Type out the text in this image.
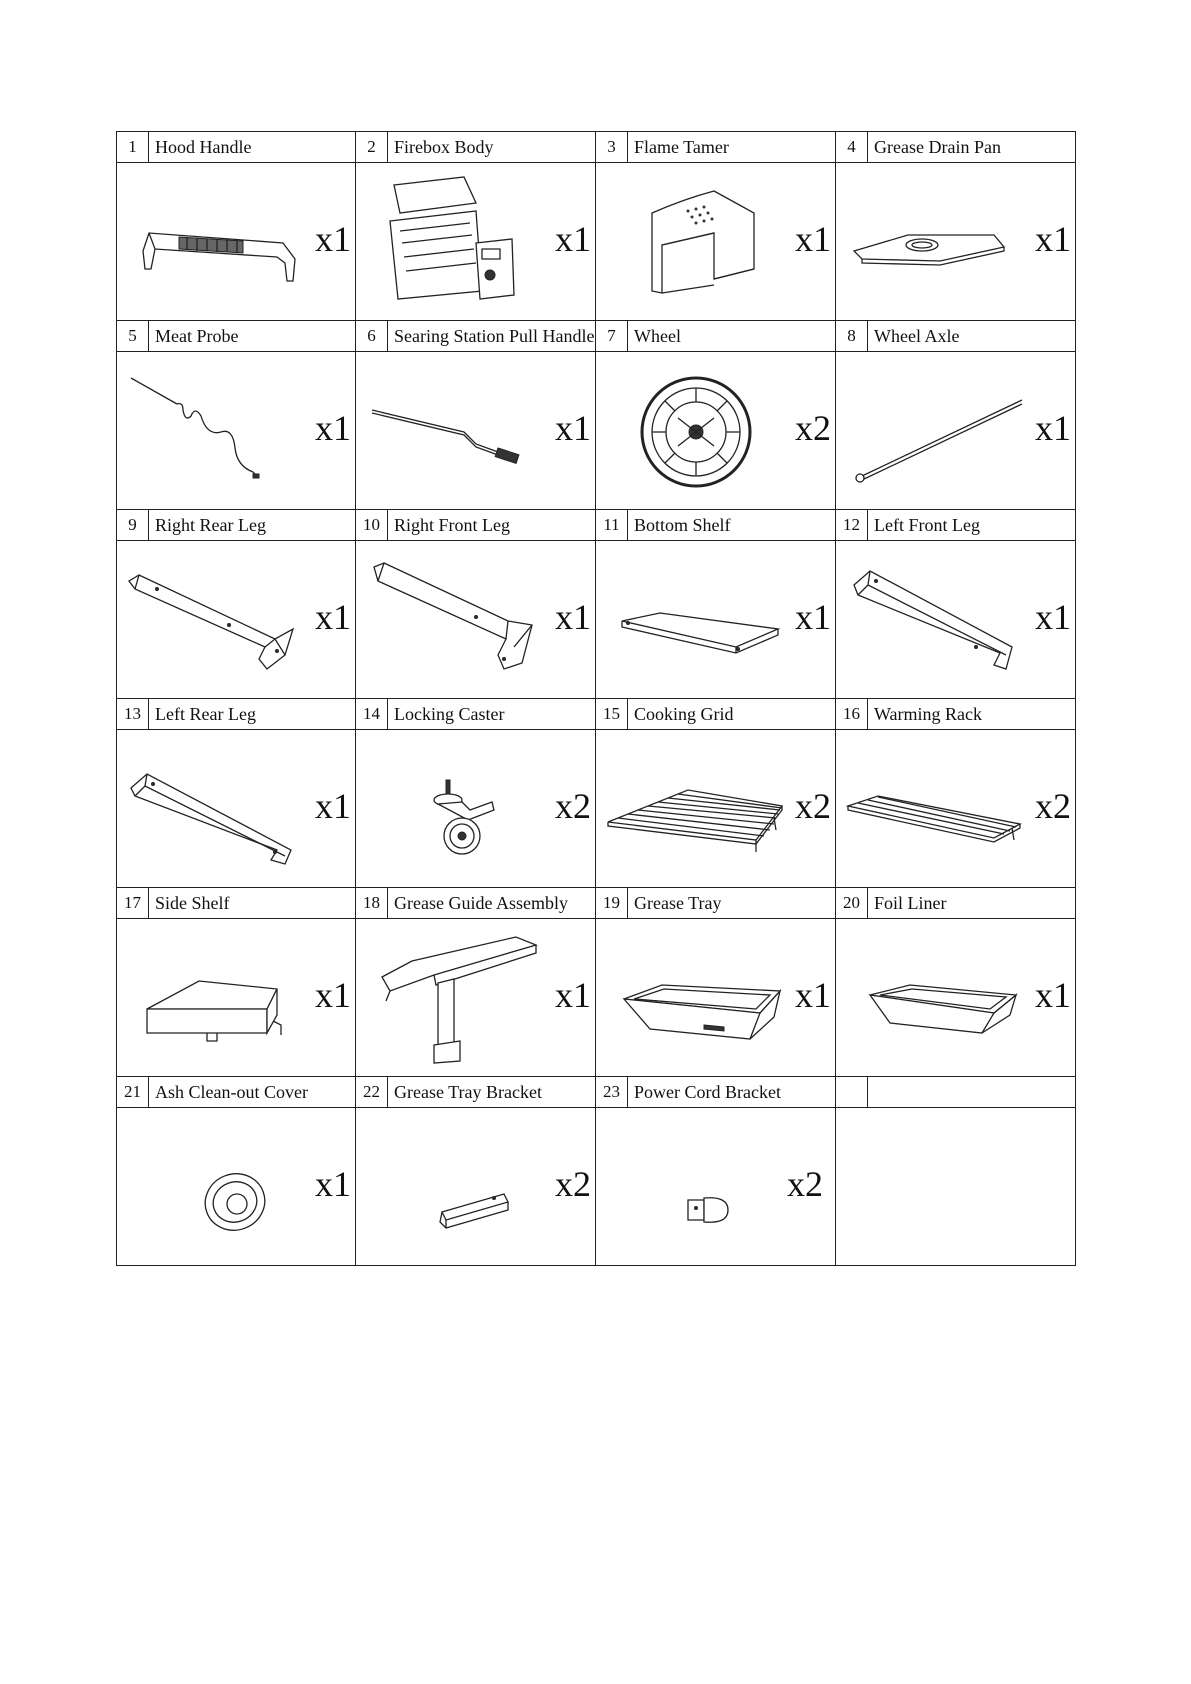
1	Hood Handle	2	Firebox Body	3	Flame Tamer	4	Grease Drain Pan

x1		x1		x1		x1	

5	Meat Probe	6	Searing Station Pull Handle	7	Wheel	8	Wheel Axle

x1		x1		x2		x1	

9	Right Rear Leg	10	Right Front Leg	11	Bottom Shelf	12	Left Front Leg

x1		x1		x1		x1	

13	Left Rear Leg	14	Locking Caster	15	Cooking Grid	16	Warming Rack

x1		x2		x2		x2	

17	Side Shelf	18	Grease Guide Assembly	19	Grease Tray	20	Foil Liner

x1		x1		x1		x1	

21	Ash Clean-out Cover	22	Grease Tray Bracket	23	Power Cord Bracket		

x1		x2		x2			
